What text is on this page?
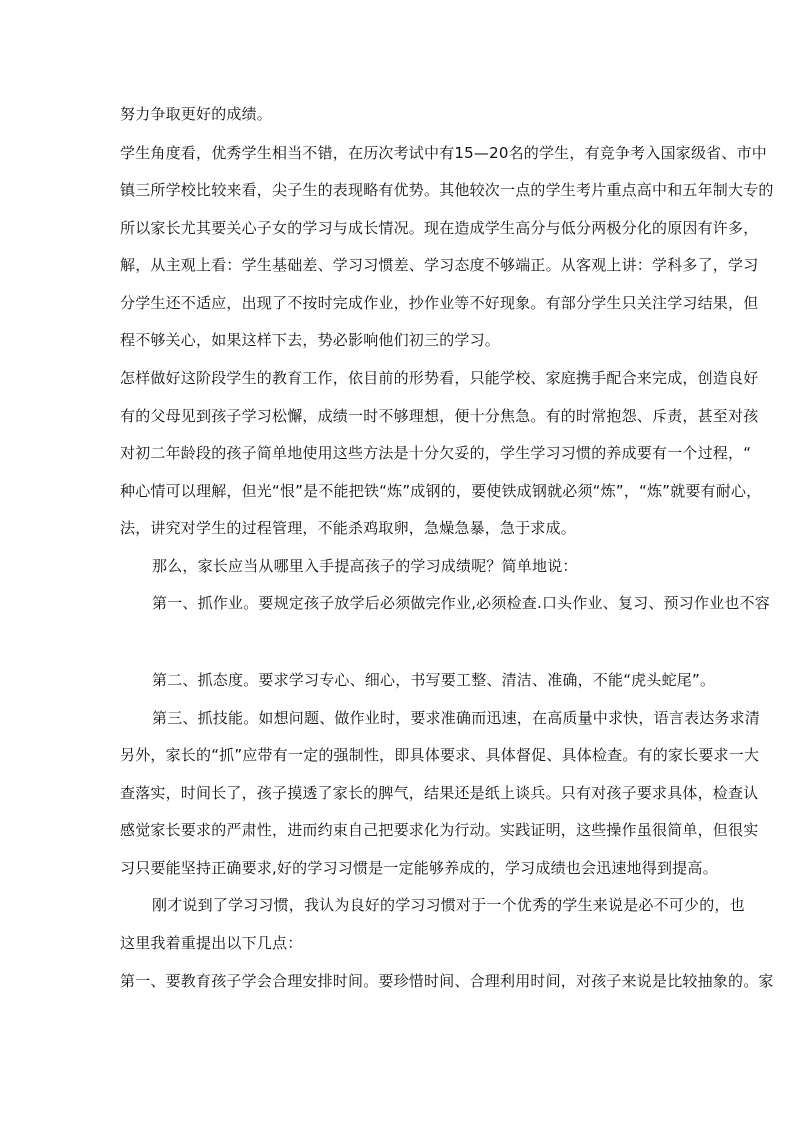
努力争取更好的成绩。
学生角度看，优秀学生相当不错，在历次考试中有15—20名的学生，有竞争考入国家级省、市中
镇三所学校比较来看，尖子生的表现略有优势。其他较次一点的学生考片重点高中和五年制大专的
所以家长尤其要关心子女的学习与成长情况。现在造成学生高分与低分两极分化的原因有许多，
解，从主观上看：学生基础差、学习习惯差、学习态度不够端正。从客观上讲：学科多了，学习
分学生还不适应，出现了不按时完成作业，抄作业等不好现象。有部分学生只关注学习结果，但
程不够关心，如果这样下去，势必影响他们初三的学习。
怎样做好这阶段学生的教育工作，依目前的形势看，只能学校、家庭携手配合来完成，创造良好
有的父母见到孩子学习松懈，成绩一时不够理想，便十分焦急。有的时常抱怨、斥责，甚至对孩
对初二年龄段的孩子简单地使用这些方法是十分欠妥的，学生学习习惯的养成要有一个过程，“
种心情可以理解，但光“恨”是不能把铁“炼”成钢的，要使铁成钢就必须“炼”，“炼”就要有耐心，
法，讲究对学生的过程管理，不能杀鸡取卵，急燥急暴，急于求成。
那么，家长应当从哪里入手提高孩子的学习成绩呢？简单地说：
第一、抓作业。要规定孩子放学后必须做完作业,必须检查.口头作业、复习、预习作业也不容
第二、抓态度。要求学习专心、细心，书写要工整、清洁、准确，不能“虎头蛇尾”。
第三、抓技能。如想问题、做作业时，要求准确而迅速，在高质量中求快，语言表达务求清
另外，家长的“抓”应带有一定的强制性，即具体要求、具体督促、具体检查。有的家长要求一大
查落实，时间长了，孩子摸透了家长的脾气，结果还是纸上谈兵。只有对孩子要求具体，检查认
感觉家长要求的严肃性，进而约束自己把要求化为行动。实践证明，这些操作虽很简单，但很实
习只要能坚持正确要求,好的学习习惯是一定能够养成的，学习成绩也会迅速地得到提高。
刚才说到了学习习惯，我认为良好的学习习惯对于一个优秀的学生来说是必不可少的，也
这里我着重提出以下几点：
第一、要教育孩子学会合理安排时间。要珍惜时间、合理利用时间，对孩子来说是比较抽象的。家
